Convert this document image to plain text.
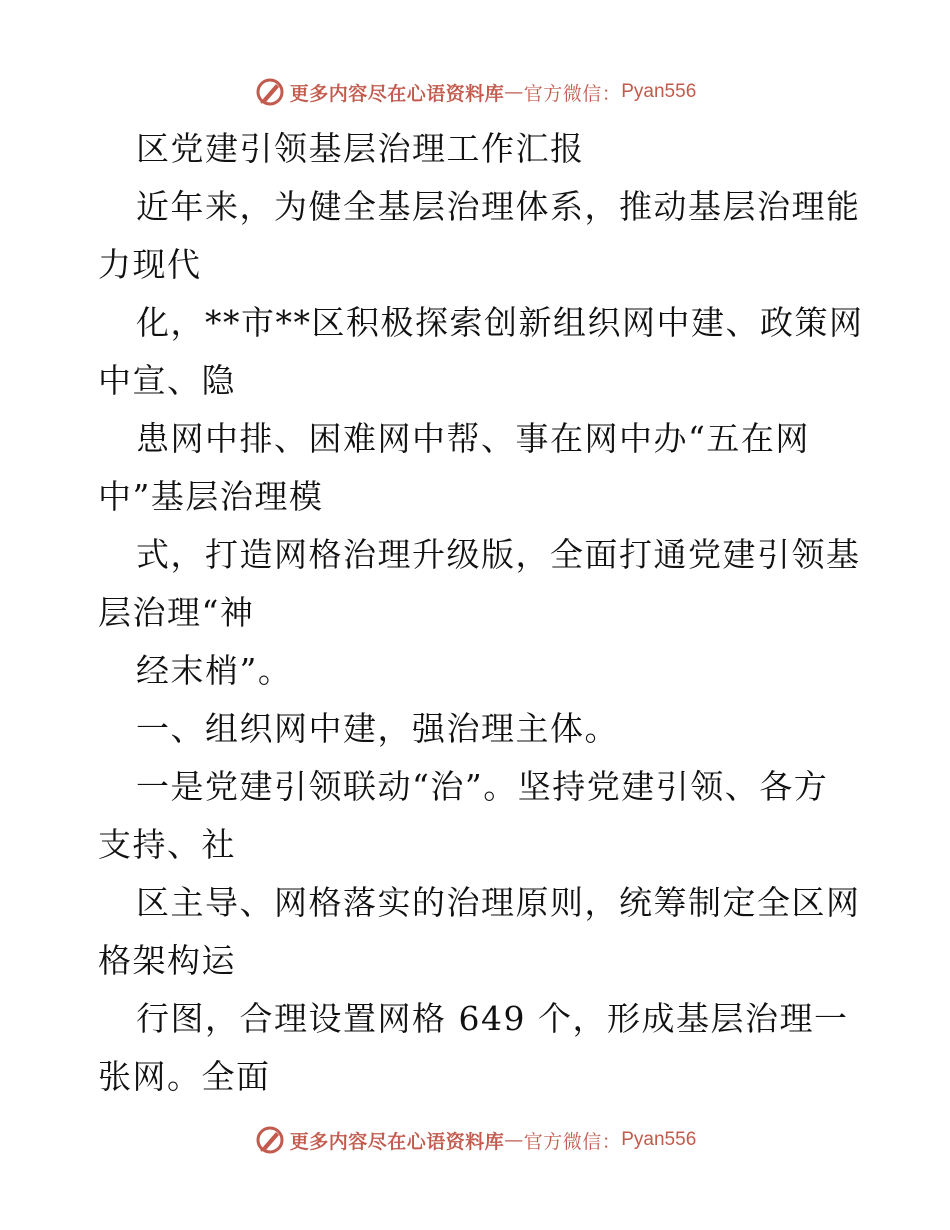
更多内容尽在心语资料库 — 官方微信： Pyan556
区党建引领基层治理工作汇报
近年来，为健全基层治理体系，推动基层治理能
力现代
化，**市**区积极探索创新组织网中建、政策网
中宣、隐
患网中排、困难网中帮、事在网中办“五在网
中”基层治理模
式，打造网格治理升级版，全面打通党建引领基
层治理“神
经末梢”。
一、组织网中建，强治理主体。
一是党建引领联动“治”。坚持党建引领、各方
支持、社
区主导、网格落实的治理原则，统筹制定全区网
格架构运
行图，合理设置网格 649 个，形成基层治理一
张网。全面
更多内容尽在心语资料库 — 官方微信： Pyan556
